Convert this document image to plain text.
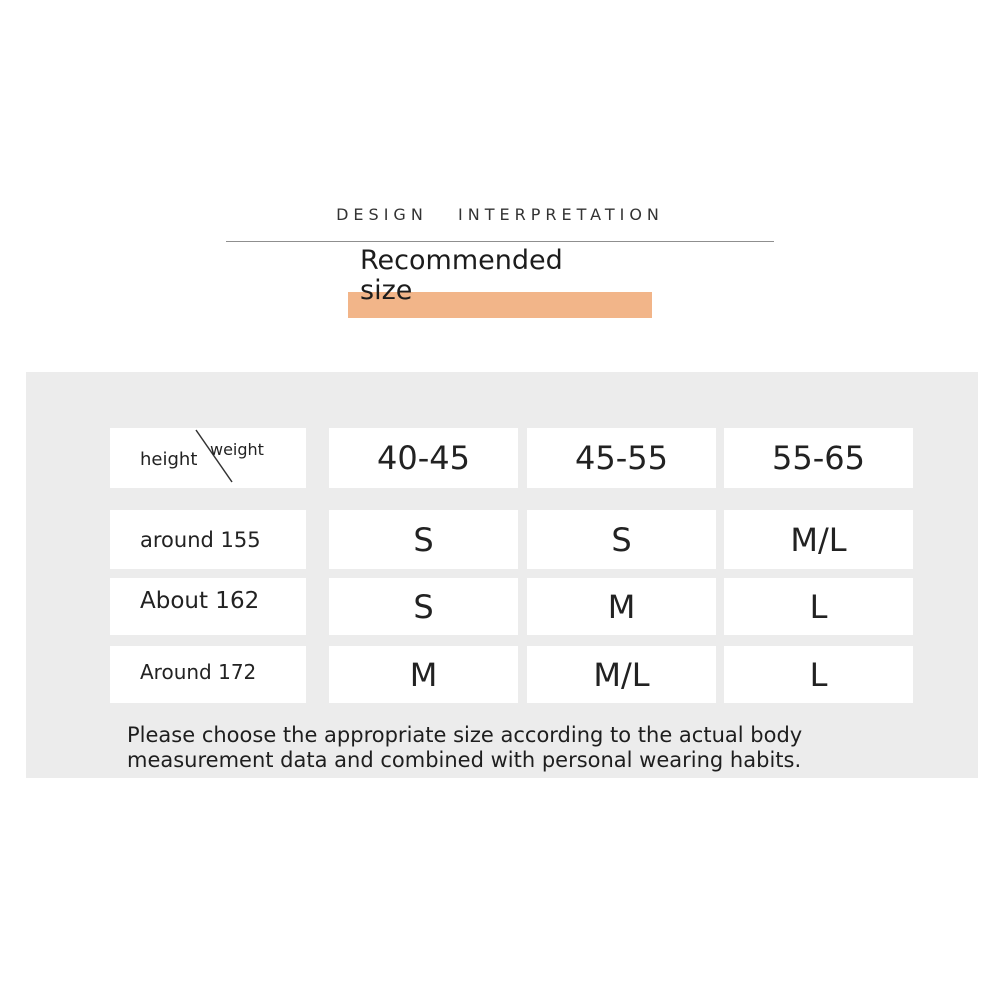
DESIGN   INTERPRETATION
Recommended
size
height weight	40-45	45-55	55-65
around 155	S	S	M/L
About 162	S	M	L
Around 172	M	M/L	L
Please choose the appropriate size according to the actual body
measurement data and combined with personal wearing habits.
